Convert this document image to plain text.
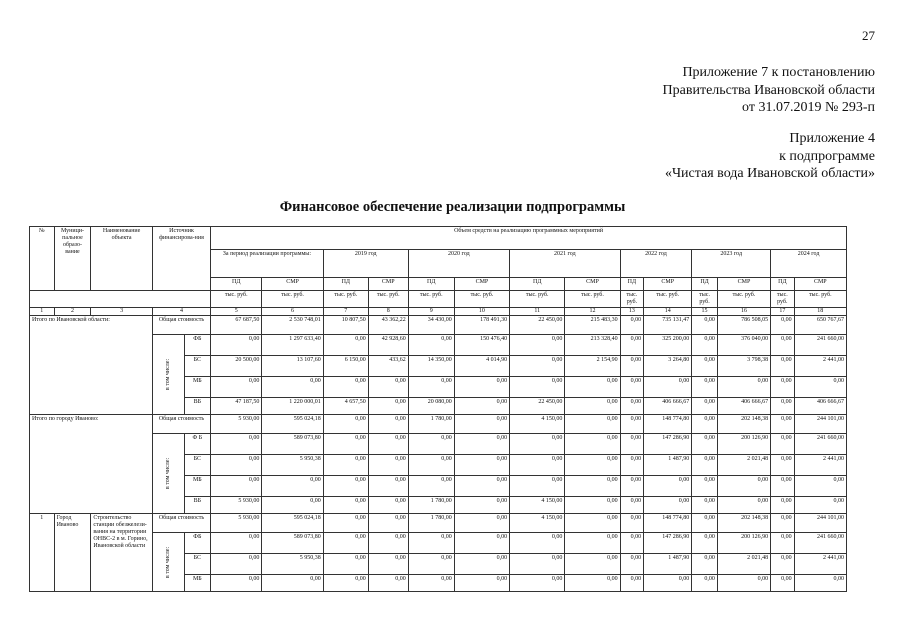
27
Приложение 7 к постановлению
Правительства Ивановской области
от 31.07.2019 № 293-п
Приложение 4
к подпрограмме
«Чистая вода Ивановской области»
Финансовое обеспечение реализации подпрограммы
№	Муници-пальное образо-вание	Наименование объекта	Источник финансирова-ния		Объем средств на реализацию программных мероприятий													
					За период реализации программы:		2019 год		2020 год		2021 год		2022 год		2023 год		2024 год	
					ПД	СМР	ПД	СМР	ПД	СМР	ПД	СМР	ПД	СМР	ПД	СМР	ПД	СМР
					тыс. руб.	тыс. руб.	тыс. руб.	тыс. руб.	тыс. руб.	тыс. руб.	тыс. руб.	тыс. руб.	тыс. руб.	тыс. руб.	тыс. руб.	тыс. руб.	тыс. руб.	тыс. руб.
1	2	3	4		5	6	7	8	9	10	11	12	13	14	15	16	17	18
Итого по Ивановской области:			Общая стоимость		67 687,50	2 530 748,01	10 807,50	43 362,22	34 430,00	178 491,30	22 450,00	215 483,30	0,00	735 131,47	0,00	786 508,05	0,00	650 767,67
			в том числе:	ФБ	0,00	1 297 633,40	0,00	42 928,60	0,00	150 476,40	0,00	213 328,40	0,00	325 200,00	0,00	376 040,00	0,00	241 660,00
				БС	20 500,00	13 107,60	6 150,00	433,62	14 350,00	4 014,90	0,00	2 154,90	0,00	3 264,80	0,00	3 798,38	0,00	2 441,00
				МБ	0,00	0,00	0,00	0,00	0,00	0,00	0,00	0,00	0,00	0,00	0,00	0,00	0,00	0,00
				ВБ	47 187,50	1 220 000,01	4 657,50	0,00	20 080,00	0,00	22 450,00	0,00	0,00	406 666,67	0,00	406 666,67	0,00	406 666,67
Итого по городу Иваново:			Общая стоимость		5 930,00	595 024,18	0,00	0,00	1 780,00	0,00	4 150,00	0,00	0,00	148 774,80	0,00	202 148,38	0,00	244 101,00
			в том числе:	Ф Б	0,00	589 073,80	0,00	0,00	0,00	0,00	0,00	0,00	0,00	147 286,90	0,00	200 126,90	0,00	241 660,00
				БС	0,00	5 950,38	0,00	0,00	0,00	0,00	0,00	0,00	0,00	1 487,90	0,00	2 021,48	0,00	2 441,00
				МБ	0,00	0,00	0,00	0,00	0,00	0,00	0,00	0,00	0,00	0,00	0,00	0,00	0,00	0,00
				ВБ	5 930,00	0,00	0,00	0,00	1 780,00	0,00	4 150,00	0,00	0,00	0,00	0,00	0,00	0,00	0,00
1	Город Иваново	Строительство станции обезжелези-вания на территории ОНВС-2 в м. Горино, Ивановской области	Общая стоимость		5 930,00	595 024,18	0,00	0,00	1 780,00	0,00	4 150,00	0,00	0,00	148 774,80	0,00	202 148,38	0,00	244 101,00
			в том числе:	ФБ	0,00	589 073,80	0,00	0,00	0,00	0,00	0,00	0,00	0,00	147 286,90	0,00	200 126,90	0,00	241 660,00
				БС	0,00	5 950,38	0,00	0,00	0,00	0,00	0,00	0,00	0,00	1 487,90	0,00	2 021,48	0,00	2 441,00
				МБ	0,00	0,00	0,00	0,00	0,00	0,00	0,00	0,00	0,00	0,00	0,00	0,00	0,00	0,00
